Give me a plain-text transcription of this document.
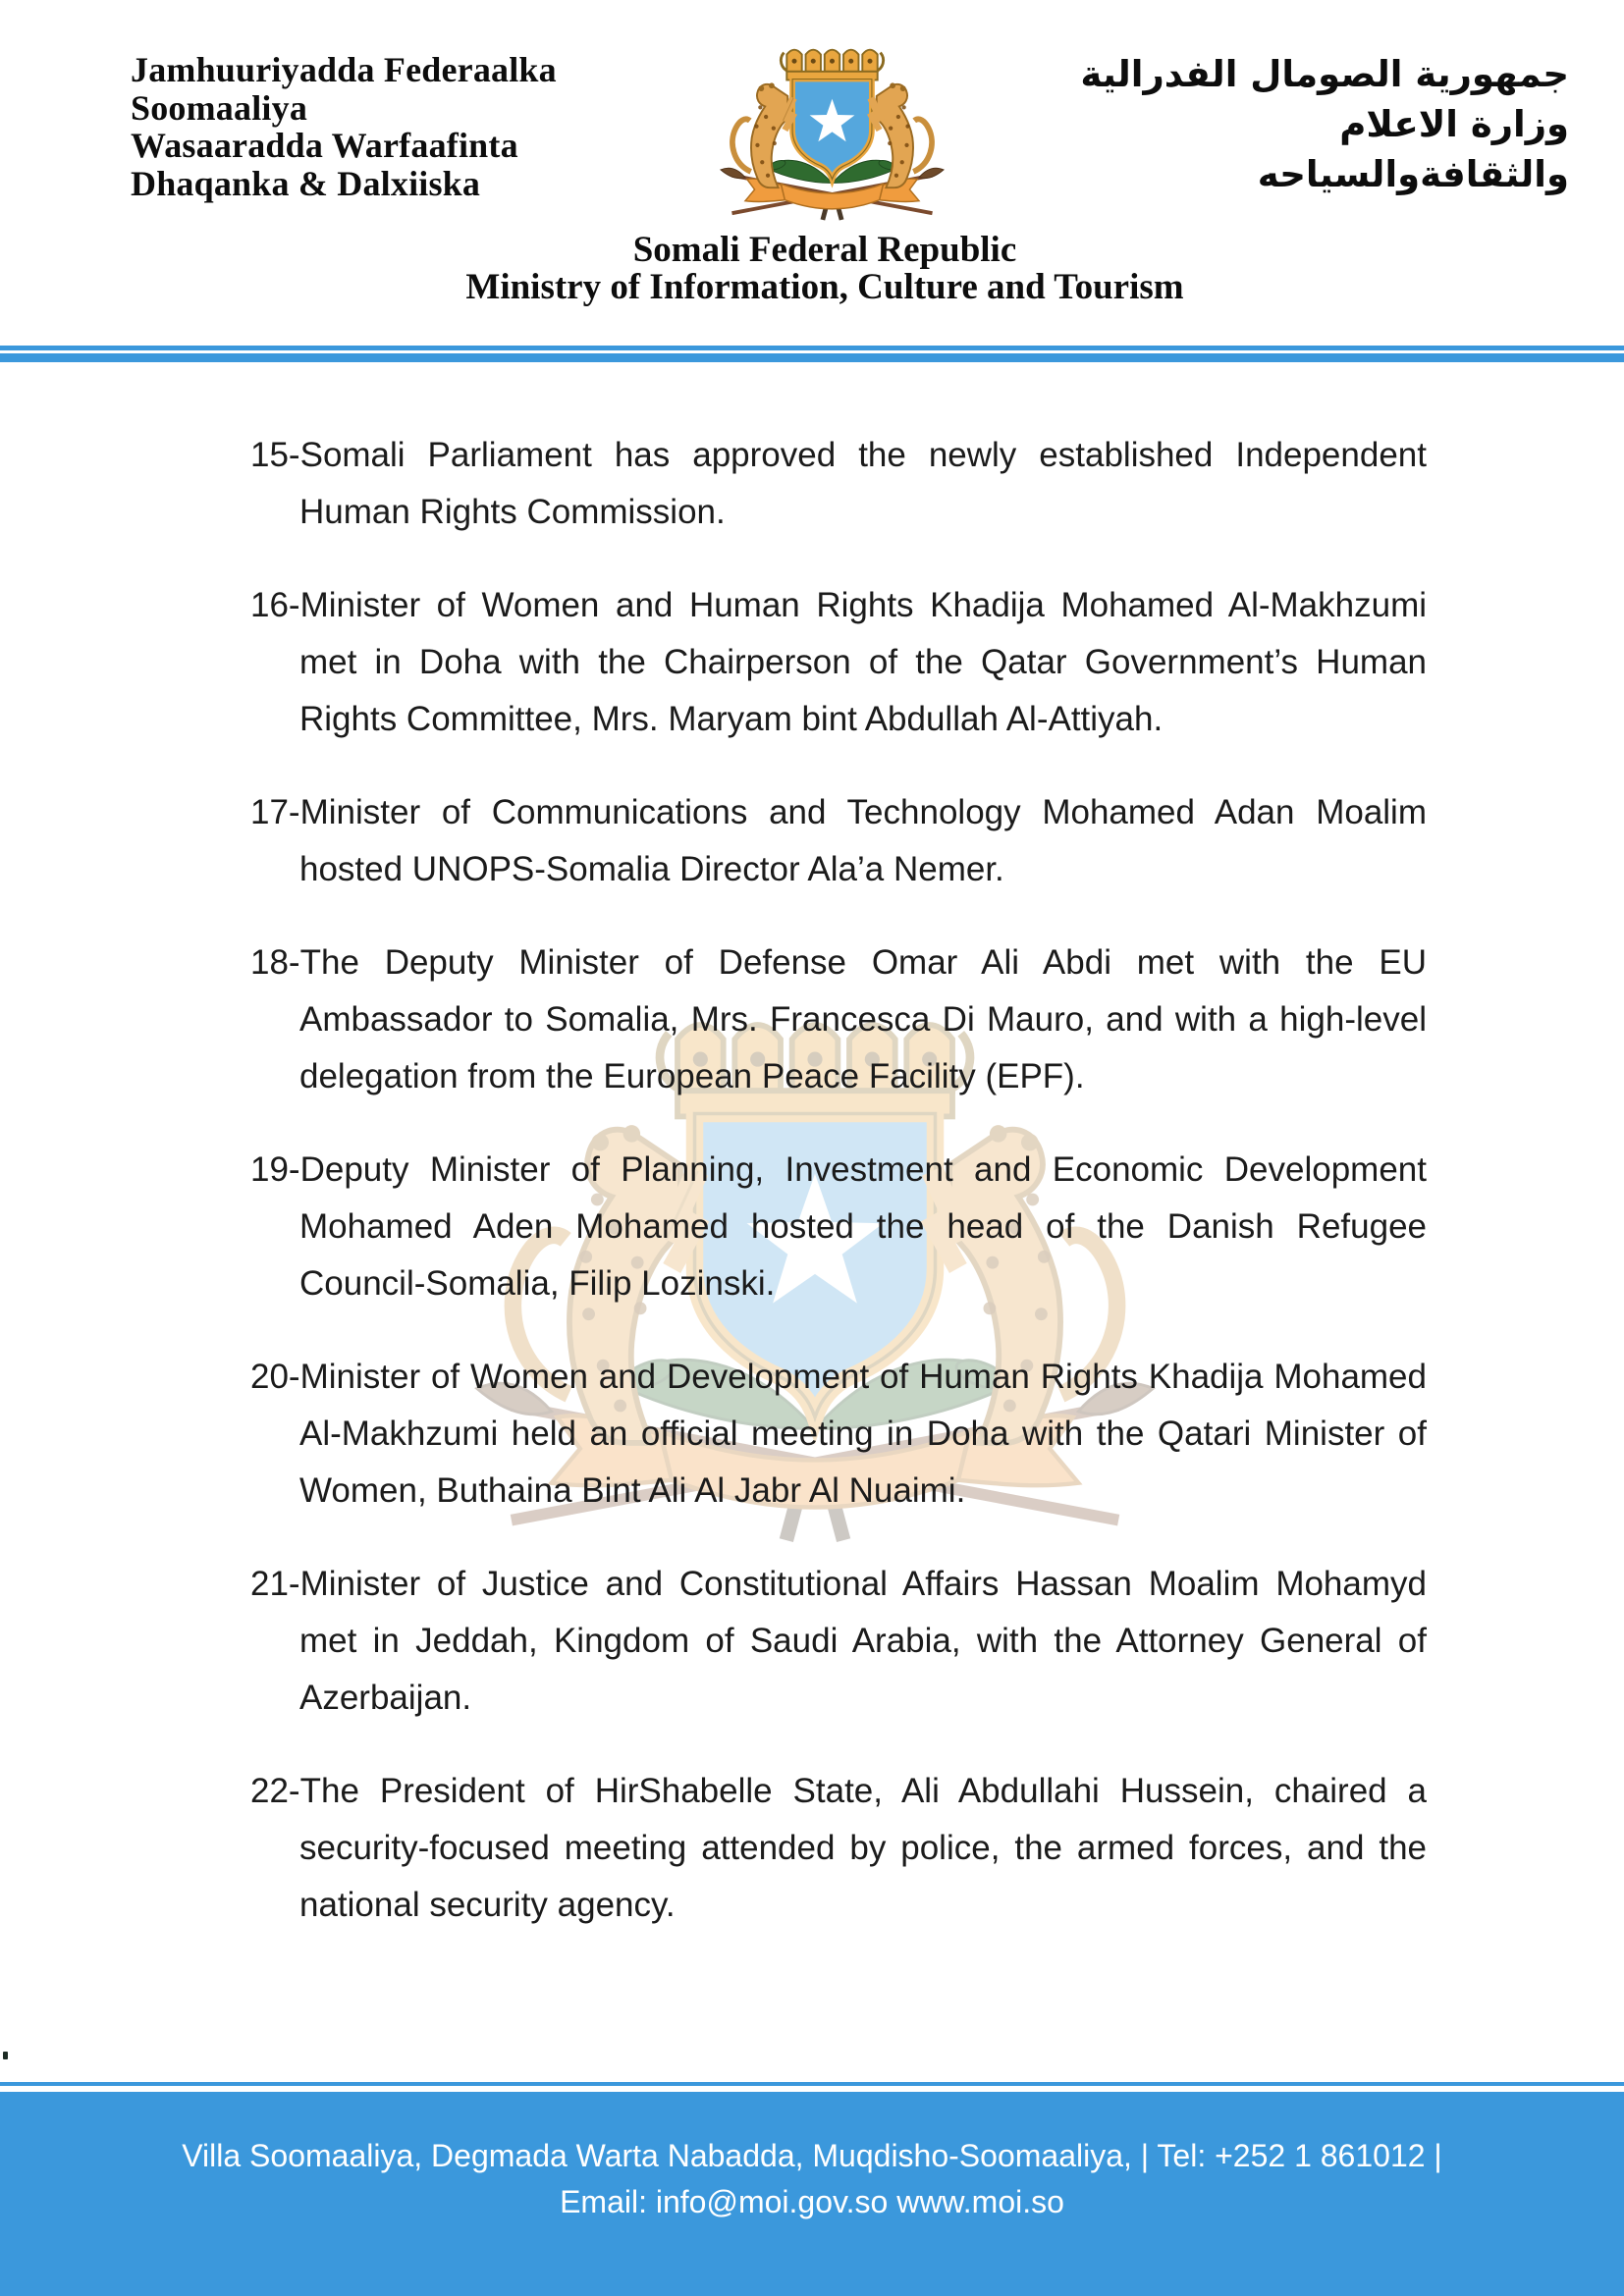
Jamhuuriyadda Federaalka
Soomaaliya
Wasaaradda Warfaafinta
Dhaqanka & Dalxiiska
جمهورية الصومال الفدرالية
وزارة الاعلام
والثقافةوالسياحه
Somali Federal Republic
Ministry of Information, Culture and Tourism
15-Somali Parliament has approved the newly established Independent Human Rights Commission.
16-Minister of Women and Human Rights Khadija Mohamed Al-Makhzumi met in Doha with the Chairperson of the Qatar Government’s Human Rights Committee, Mrs. Maryam bint Abdullah Al-Attiyah.
17-Minister of Communications and Technology Mohamed Adan Moalim hosted UNOPS-Somalia Director Ala’a Nemer.
18-The Deputy Minister of Defense Omar Ali Abdi met with the EU Ambassador to Somalia, Mrs. Francesca Di Mauro, and with a high-level delegation from the European Peace Facility (EPF).
19-Deputy Minister of Planning, Investment and Economic Development Mohamed Aden Mohamed hosted the head of the Danish Refugee Council-Somalia, Filip Lozinski.
20-Minister of Women and Development of Human Rights Khadija Mohamed Al-Makhzumi held an official meeting in Doha with the Qatari Minister of Women, Buthaina Bint Ali Al Jabr Al Nuaimi.
21-Minister of Justice and Constitutional Affairs Hassan Moalim Mohamyd met in Jeddah, Kingdom of Saudi Arabia, with the Attorney General of Azerbaijan.
22-The President of HirShabelle State, Ali Abdullahi Hussein, chaired a security-focused meeting attended by police, the armed forces, and the national security agency.
Villa Soomaaliya, Degmada Warta Nabadda, Muqdisho-Soomaaliya, | Tel: +252 1 861012 |
Email: info@moi.gov.so www.moi.so
